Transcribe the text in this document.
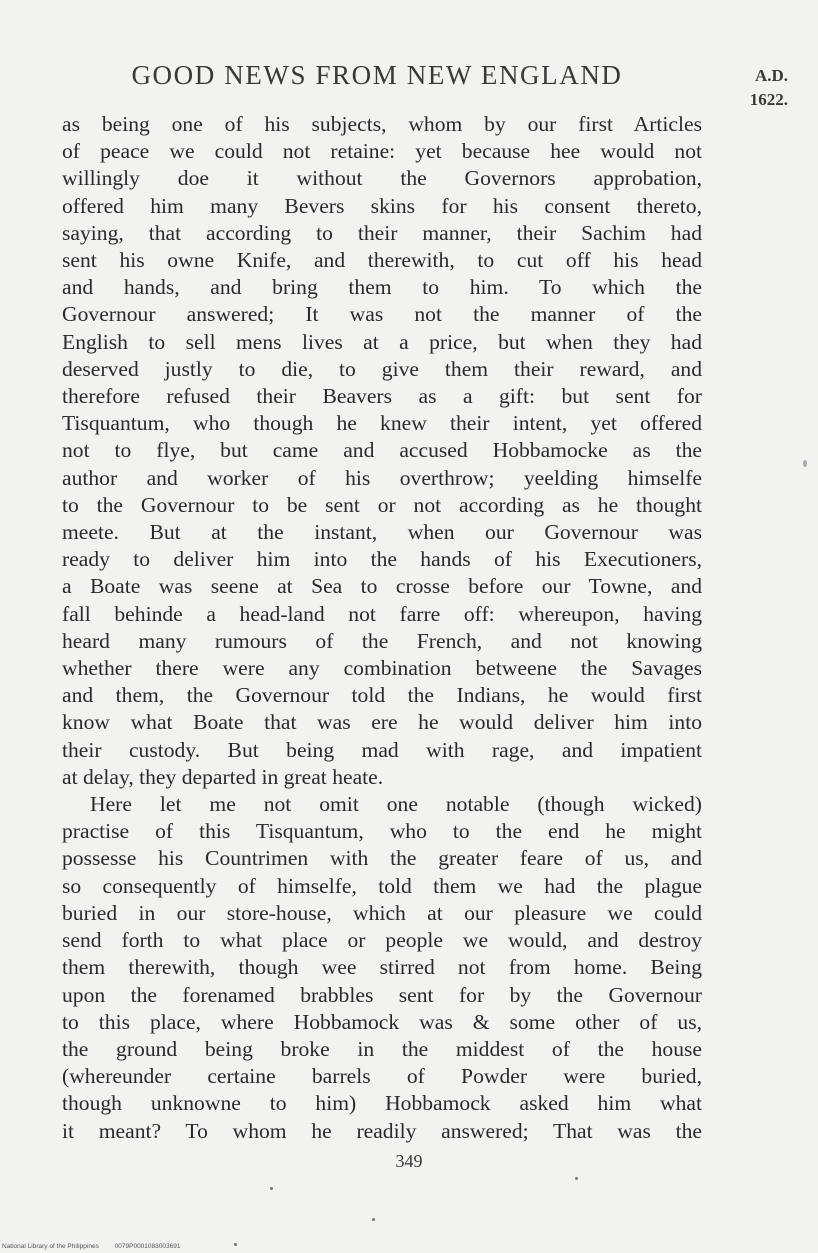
GOOD NEWS FROM NEW ENGLAND	A.D.
1622.
as being one of his subjects, whom by our first Articles
of peace we could not retaine: yet because hee would not
willingly doe it without the Governors approbation,
offered him many Bevers skins for his consent thereto,
saying, that according to their manner, their Sachim had
sent his owne Knife, and therewith, to cut off his head
and hands, and bring them to him. To which the
Governour answered; It was not the manner of the
English to sell mens lives at a price, but when they had
deserved justly to die, to give them their reward, and
therefore refused their Beavers as a gift: but sent for
Tisquantum, who though he knew their intent, yet offered
not to flye, but came and accused Hobbamocke as the
author and worker of his overthrow; yeelding himselfe
to the Governour to be sent or not according as he thought
meete. But at the instant, when our Governour was
ready to deliver him into the hands of his Executioners,
a Boate was seene at Sea to crosse before our Towne, and
fall behinde a head-land not farre off: whereupon, having
heard many rumours of the French, and not knowing
whether there were any combination betweene the Savages
and them, the Governour told the Indians, he would first
know what Boate that was ere he would deliver him into
their custody. But being mad with rage, and impatient
at delay, they departed in great heate.
Here let me not omit one notable (though wicked)
practise of this Tisquantum, who to the end he might
possesse his Countrimen with the greater feare of us, and
so consequently of himselfe, told them we had the plague
buried in our store-house, which at our pleasure we could
send forth to what place or people we would, and destroy
them therewith, though wee stirred not from home. Being
upon the forenamed brabbles sent for by the Governour
to this place, where Hobbamock was & some other of us,
the ground being broke in the middest of the house
(whereunder certaine barrels of Powder were buried,
though unknowne to him) Hobbamock asked him what
it meant? To whom he readily answered; That was the
349
National Library of the Philippines 0079P0001083003691
